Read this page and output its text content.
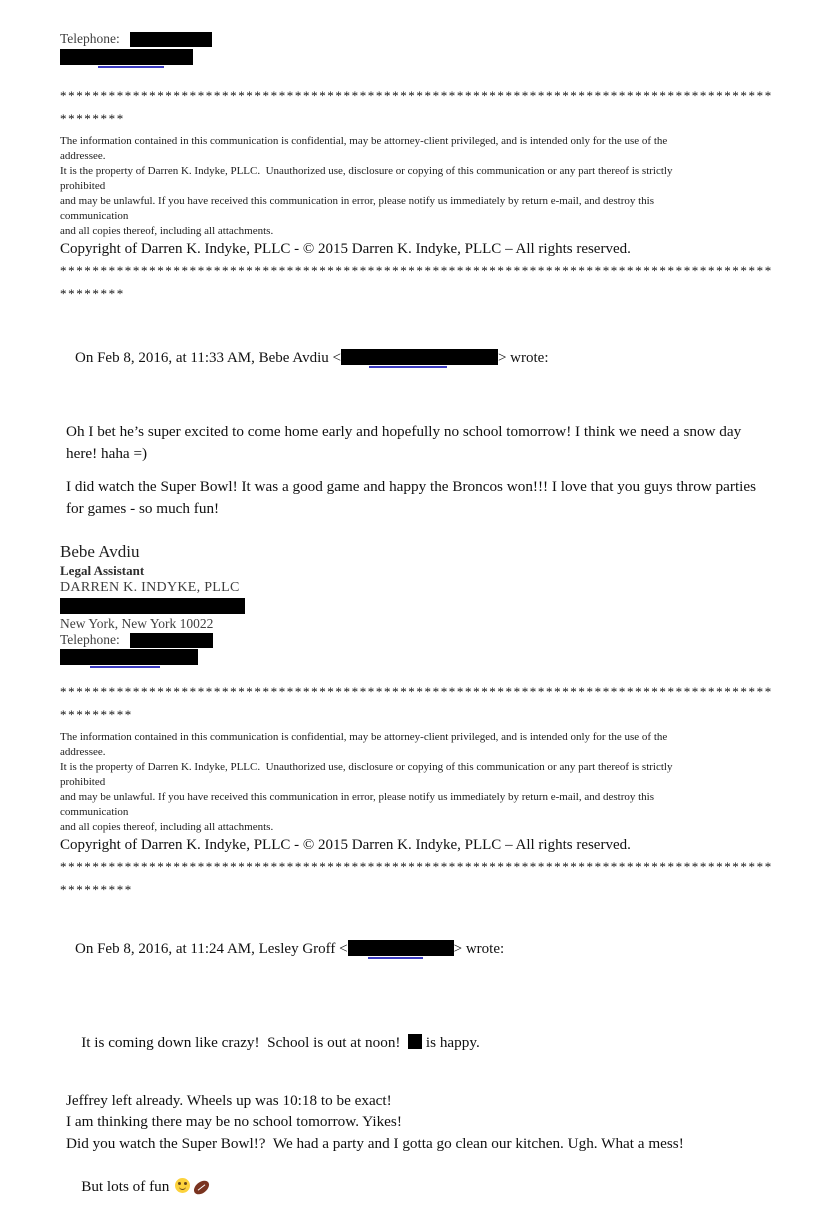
Telephone:
****************************************************************************************
********
The information contained in this communication is confidential, may be attorney-client privileged, and is intended only for the use of the
addressee.
It is the property of Darren K. Indyke, PLLC.  Unauthorized use, disclosure or copying of this communication or any part thereof is strictly
prohibited
and may be unlawful. If you have received this communication in error, please notify us immediately by return e-mail, and destroy this
communication
and all copies thereof, including all attachments.
Copyright of Darren K. Indyke, PLLC - © 2015 Darren K. Indyke, PLLC – All rights reserved.
****************************************************************************************
********

On Feb 8, 2016, at 11:33 AM, Bebe Avdiu <	> wrote:

Oh I bet he’s super excited to come home early and hopefully no school tomorrow! I think we need a snow day here! haha =)
I did watch the Super Bowl! It was a good game and happy the Broncos won!!! I love that you guys throw parties for games - so much fun!
Bebe Avdiu
Legal Assistant
DARREN K. INDYKE, PLLC
New York, New York 10022
Telephone:
****************************************************************************************
*********
The information contained in this communication is confidential, may be attorney-client privileged, and is intended only for the use of the
addressee.
It is the property of Darren K. Indyke, PLLC.  Unauthorized use, disclosure or copying of this communication or any part thereof is strictly
prohibited
and may be unlawful. If you have received this communication in error, please notify us immediately by return e-mail, and destroy this
communication
and all copies thereof, including all attachments.
Copyright of Darren K. Indyke, PLLC - © 2015 Darren K. Indyke, PLLC – All rights reserved.
****************************************************************************************
*********

On Feb 8, 2016, at 11:24 AM, Lesley Groff <	> wrote:

It is coming down like crazy!  School is out at noon!   is happy.

Jeffrey left already. Wheels up was 10:18 to be exact!
I am thinking there may be no school tomorrow. Yikes!
Did you watch the Super Bowl!?  We had a party and I gotta go clean our kitchen. Ugh. What a mess!

But lots of fun
